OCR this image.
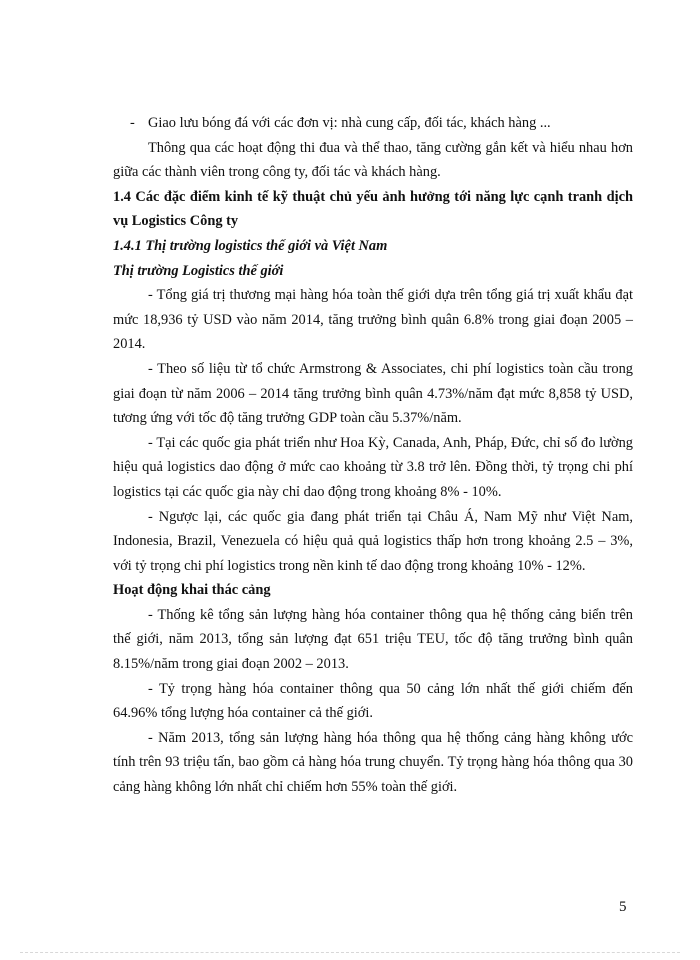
- Giao lưu bóng đá với các đơn vị: nhà cung cấp, đối tác, khách hàng ...

Thông qua các hoạt động thi đua và thể thao, tăng cường gắn kết và hiểu nhau hơn giữa các thành viên trong công ty, đối tác và khách hàng.

1.4 Các đặc điểm kinh tế kỹ thuật chủ yếu ảnh hưởng tới năng lực cạnh tranh dịch vụ Logistics Công ty

1.4.1 Thị trường logistics thế giới và Việt Nam

Thị trường Logistics thế giới

- Tổng giá trị thương mại hàng hóa toàn thế giới dựa trên tổng giá trị xuất khẩu đạt mức 18,936 tỷ USD vào năm 2014, tăng trưởng bình quân 6.8% trong giai đoạn 2005 – 2014.

- Theo số liệu từ tổ chức Armstrong & Associates, chi phí logistics toàn cầu trong giai đoạn từ năm 2006 – 2014 tăng trưởng bình quân 4.73%/năm đạt mức 8,858 tỷ USD, tương ứng với tốc độ tăng trưởng GDP toàn cầu 5.37%/năm.

- Tại các quốc gia phát triển như Hoa Kỳ, Canada, Anh, Pháp, Đức, chỉ số đo lường hiệu quả logistics dao động ở mức cao khoảng từ 3.8 trở lên. Đồng thời, tỷ trọng chi phí logistics tại các quốc gia này chỉ dao động trong khoảng 8% - 10%.

- Ngược lại, các quốc gia đang phát triển tại Châu Á, Nam Mỹ như Việt Nam, Indonesia, Brazil, Venezuela có hiệu quả quả logistics thấp hơn trong khoảng 2.5 – 3%, với tỷ trọng chi phí logistics trong nền kinh tế dao động trong khoảng 10% - 12%.

Hoạt động khai thác cảng

- Thống kê tổng sản lượng hàng hóa container thông qua hệ thống cảng biển trên thế giới, năm 2013, tổng sản lượng đạt 651 triệu TEU, tốc độ tăng trưởng bình quân 8.15%/năm trong giai đoạn 2002 – 2013.

- Tỷ trọng hàng hóa container thông qua 50 cảng lớn nhất thế giới chiếm đến 64.96% tổng lượng hóa container cả thế giới.

- Năm 2013, tổng sản lượng hàng hóa thông qua hệ thống cảng hàng không ước tính trên 93 triệu tấn, bao gồm cả hàng hóa trung chuyển. Tỷ trọng hàng hóa thông qua 30 cảng hàng không lớn nhất chỉ chiếm hơn 55% toàn thế giới.

5
